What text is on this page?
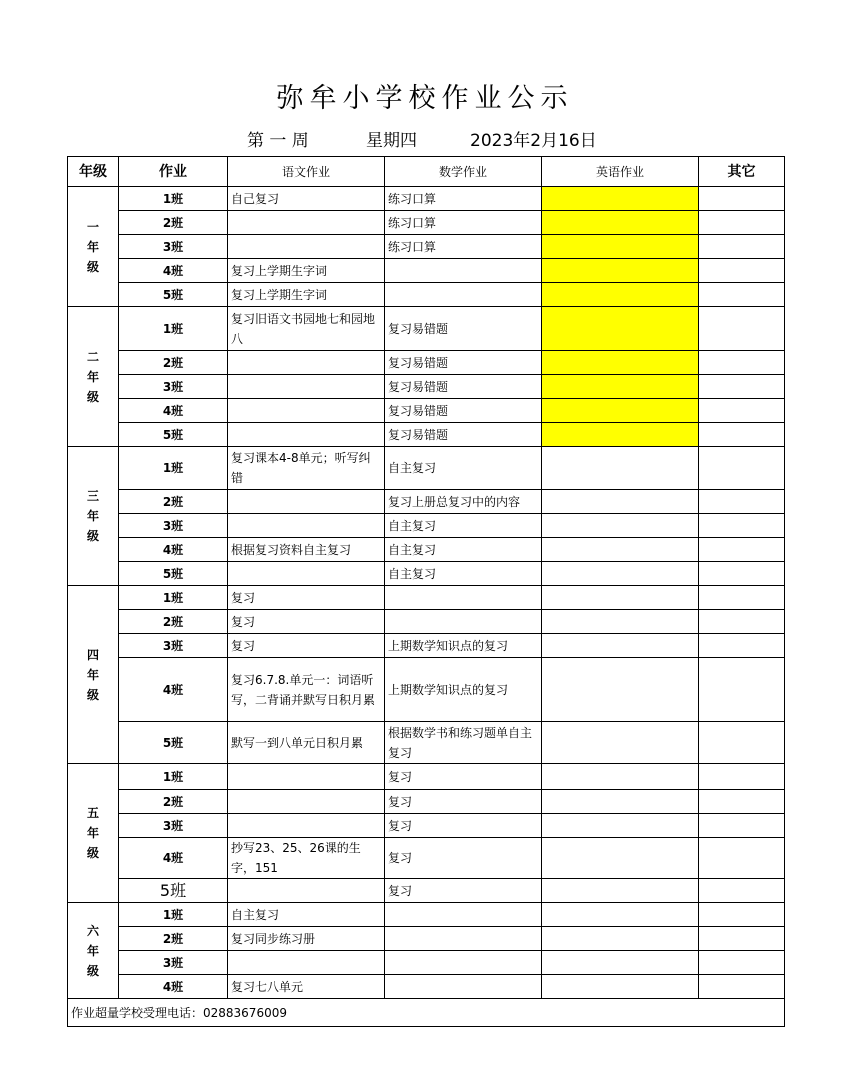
弥牟小学校作业公示
第 一 周	星期四	2023年2月16日
年级	作业	语文作业	数学作业	英语作业	其它
一
年
级	1班	自己复习	练习口算		
	2班		练习口算		
	3班		练习口算		
	4班	复习上学期生字词			
	5班	复习上学期生字词			
二
年
级	1班	复习旧语文书园地七和园地八	复习易错题		
	2班		复习易错题		
	3班		复习易错题		
	4班		复习易错题		
	5班		复习易错题		
三
年
级	1班	复习课本4-8单元；听写纠错	自主复习		
	2班		复习上册总复习中的内容		
	3班		自主复习		
	4班	根据复习资料自主复习	自主复习		
	5班		自主复习		
四
年
级	1班	复习			
	2班	复习			
	3班	复习	上期数学知识点的复习		
	4班	复习6.7.8.单元一：词语听写，二背诵并默写日积月累	上期数学知识点的复习		
	5班	默写一到八单元日积月累	根据数学书和练习题单自主复习		
五
年
级	1班		复习		
	2班		复习		
	3班		复习		
	4班	抄写23、25、26课的生字，151	复习		
	5班		复习		
六
年
级	1班	自主复习			
	2班	复习同步练习册			
	3班				
	4班	复习七八单元			
作业超量学校受理电话：02883676009					
